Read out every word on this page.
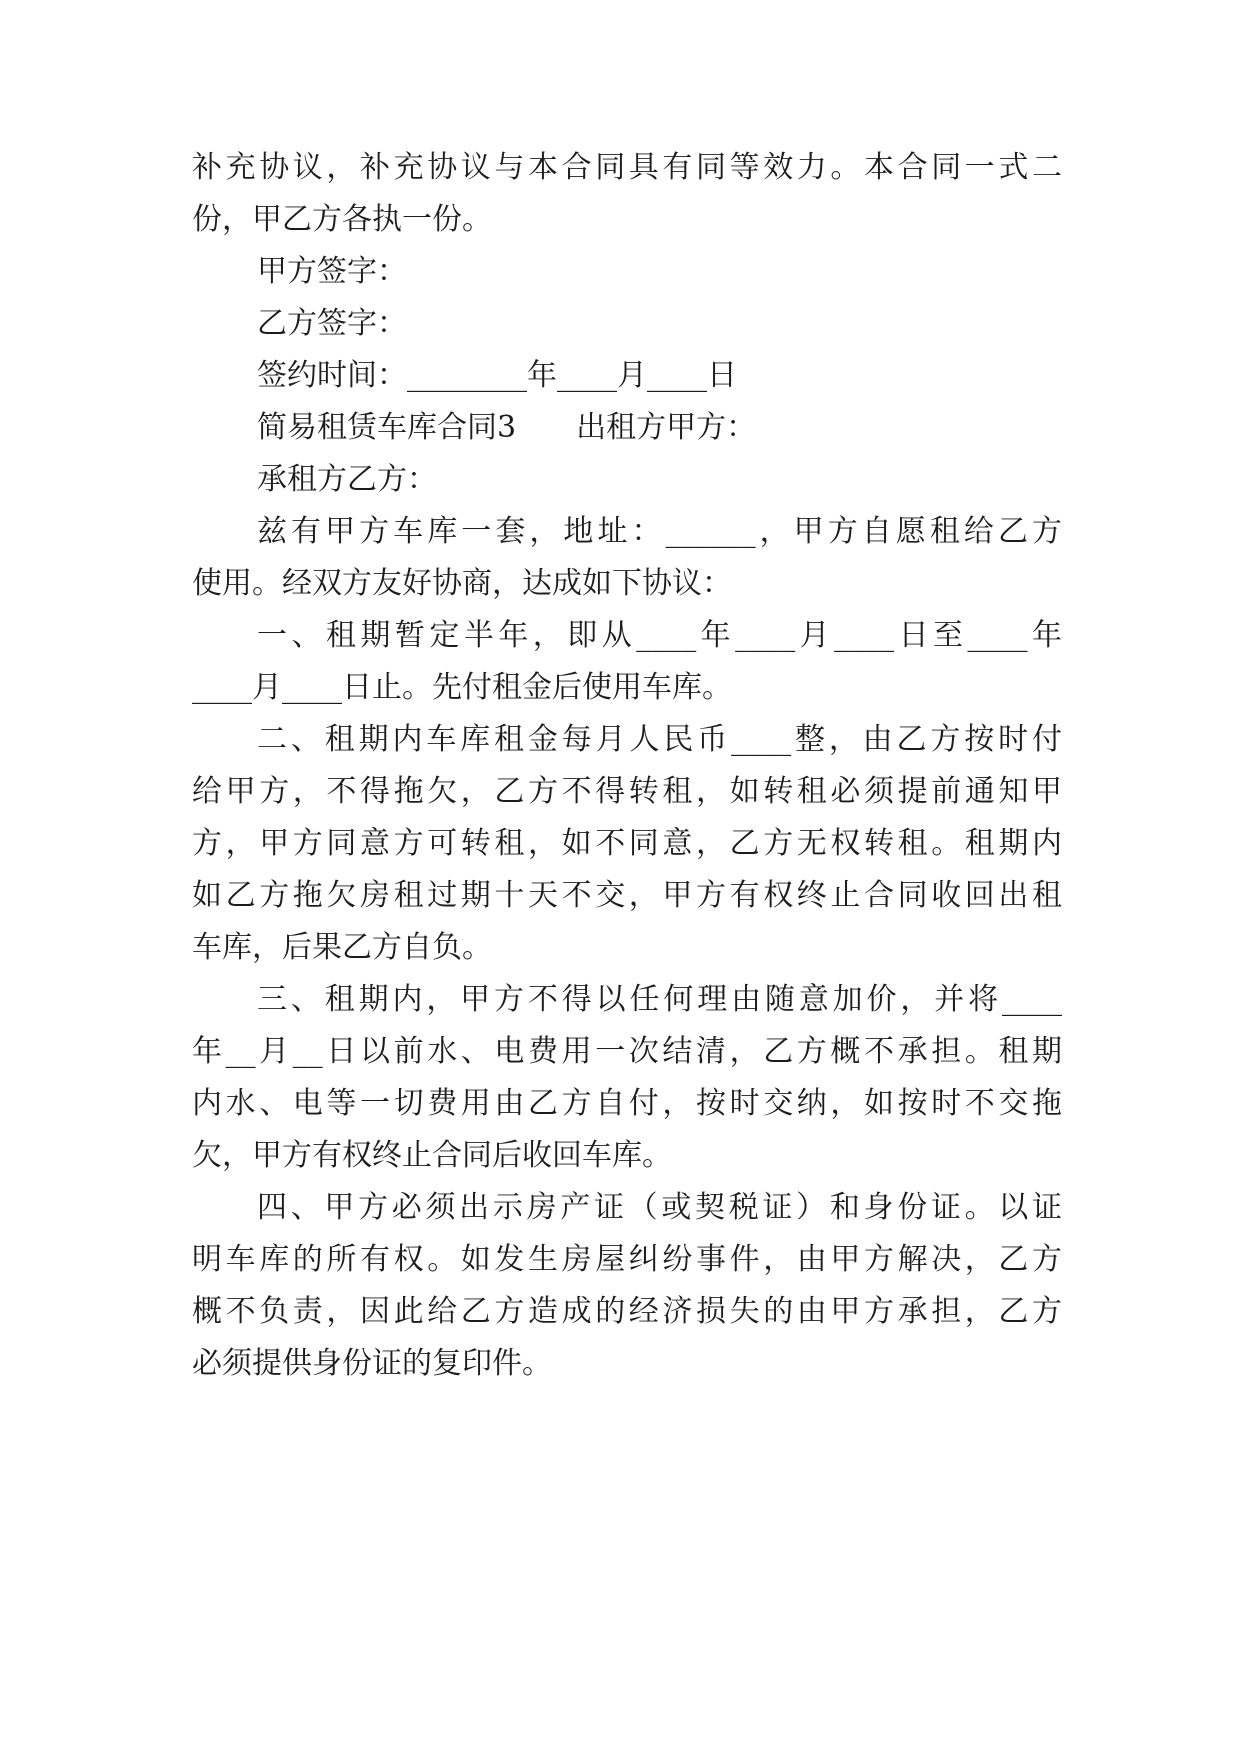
补充协议，补充协议与本合同具有同等效力。本合同一式二

份，甲乙方各执一份。

甲方签字：

乙方签字：

签约时间：________年____月____日

简易租赁车库合同3　　出租方甲方：

承租方乙方：

兹有甲方车库一套，地址：______，甲方自愿租给乙方

使用。经双方友好协商，达成如下协议：

一、租期暂定半年，即从____年____月____日至____年

____月____日止。先付租金后使用车库。

二、租期内车库租金每月人民币____整，由乙方按时付

给甲方，不得拖欠，乙方不得转租，如转租必须提前通知甲

方，甲方同意方可转租，如不同意，乙方无权转租。租期内

如乙方拖欠房租过期十天不交，甲方有权终止合同收回出租

车库，后果乙方自负。

三、租期内，甲方不得以任何理由随意加价，并将____

年__月__日以前水、电费用一次结清，乙方概不承担。租期

内水、电等一切费用由乙方自付，按时交纳，如按时不交拖

欠，甲方有权终止合同后收回车库。

四、甲方必须出示房产证（或契税证）和身份证。以证

明车库的所有权。如发生房屋纠纷事件，由甲方解决，乙方

概不负责，因此给乙方造成的经济损失的由甲方承担，乙方

必须提供身份证的复印件。
